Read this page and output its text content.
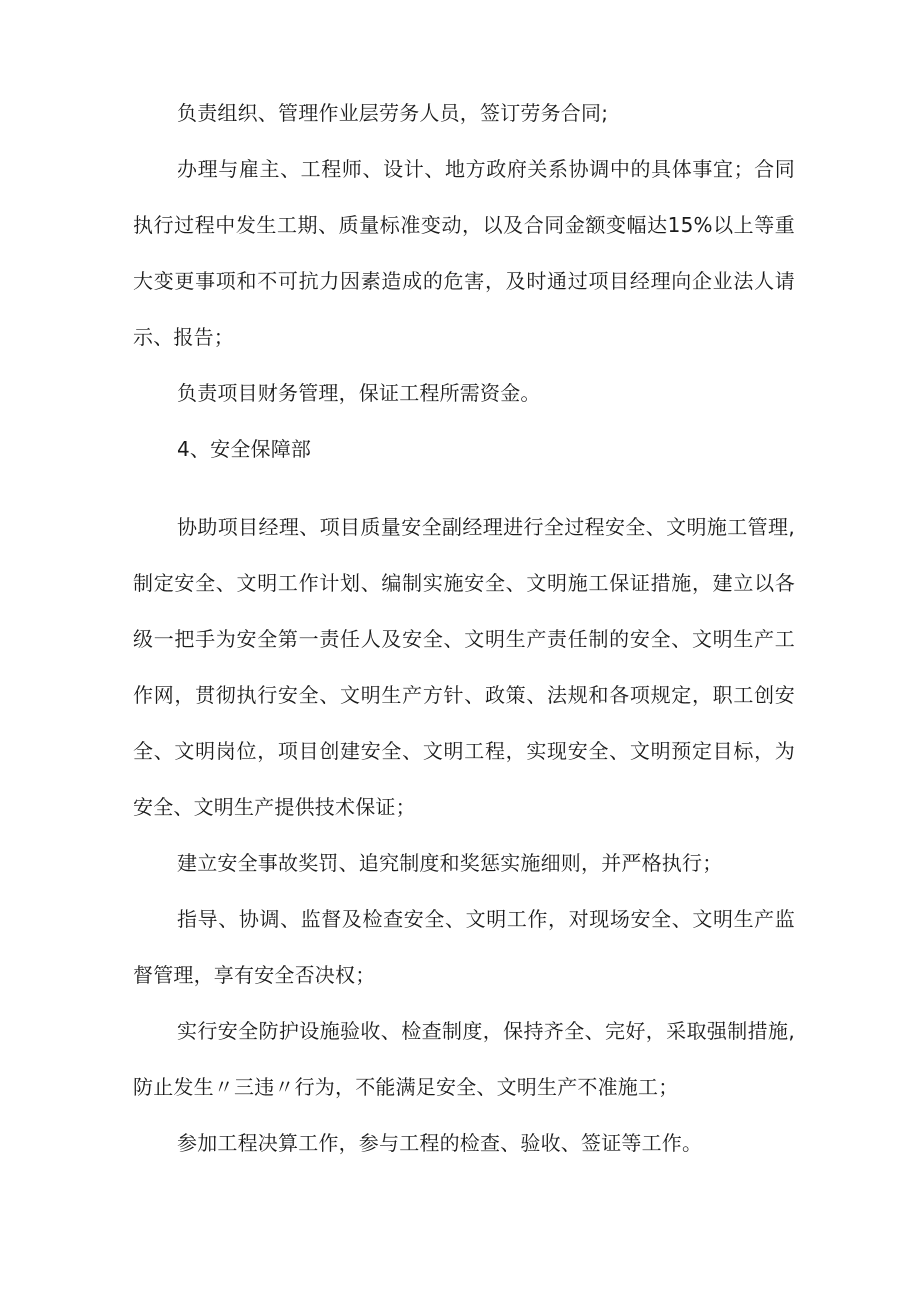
负责组织、管理作业层劳务人员，签订劳务合同;

办理与雇主、工程师、设计、地方政府关系协调中的具体事宜；合同执行过程中发生工期、质量标准变动，以及合同金额变幅达15%以上等重大变更事项和不可抗力因素造成的危害，及时通过项目经理向企业法人请示、报告；

负责项目财务管理，保证工程所需资金。

4、安全保障部

协助项目经理、项目质量安全副经理进行全过程安全、文明施工管理,制定安全、文明工作计划、编制实施安全、文明施工保证措施，建立以各级一把手为安全第一责任人及安全、文明生产责任制的安全、文明生产工作网，贯彻执行安全、文明生产方针、政策、法规和各项规定，职工创安全、文明岗位，项目创建安全、文明工程，实现安全、文明预定目标，为安全、文明生产提供技术保证；

建立安全事故奖罚、追究制度和奖惩实施细则，并严格执行；

指导、协调、监督及检查安全、文明工作，对现场安全、文明生产监督管理，享有安全否决权；

实行安全防护设施验收、检查制度，保持齐全、完好，采取强制措施,防止发生〃三违〃行为，不能满足安全、文明生产不准施工；

参加工程决算工作，参与工程的检查、验收、签证等工作。
